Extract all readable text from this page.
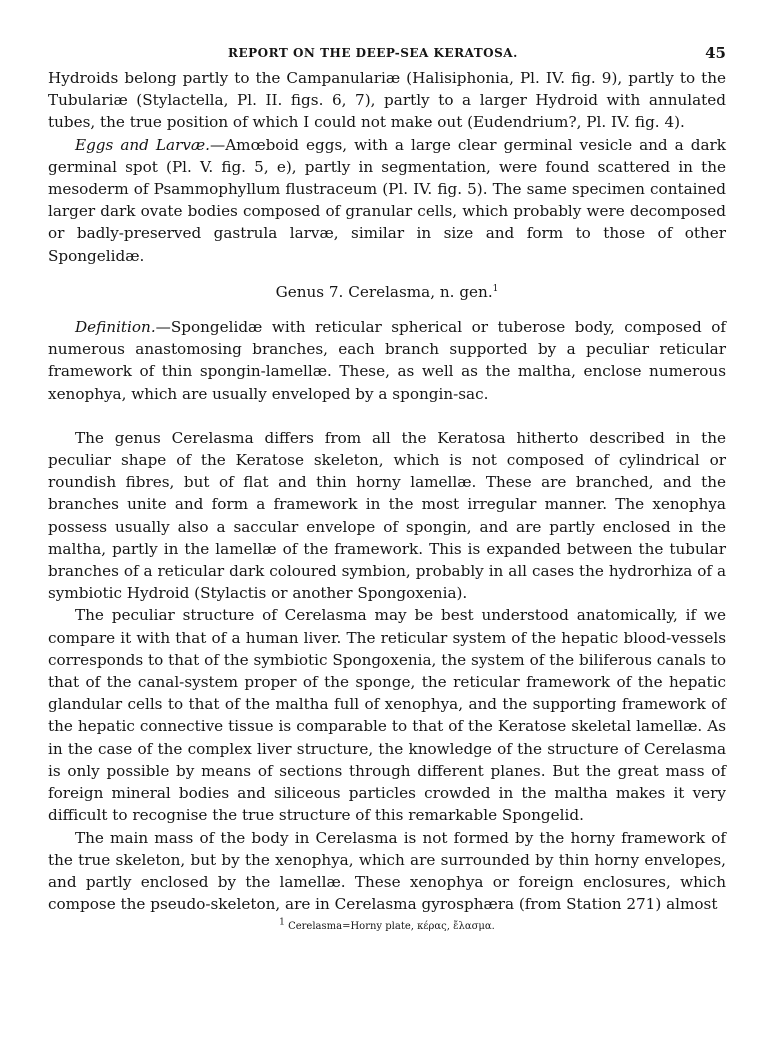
REPORT ON THE DEEP-SEA KERATOSA.	45

Hydroids belong partly to the Campanulariæ (Halisiphonia, Pl. IV. fig. 9), partly to the Tubulariæ (Stylactella, Pl. II. figs. 6, 7), partly to a larger Hydroid with annulated tubes, the true position of which I could not make out (Eudendrium?, Pl. IV. fig. 4).

Eggs and Larvæ.—Amœboid eggs, with a large clear germinal vesicle and a dark germinal spot (Pl. V. fig. 5, e), partly in segmentation, were found scattered in the mesoderm of Psammophyllum flustraceum (Pl. IV. fig. 5). The same specimen contained larger dark ovate bodies composed of granular cells, which probably were decomposed or badly-preserved gastrula larvæ, similar in size and form to those of other Spongelidæ.

Genus 7. Cerelasma, n. gen.$^1$

Definition.—Spongelidæ with reticular spherical or tuberose body, composed of numerous anastomosing branches, each branch supported by a peculiar reticular framework of thin spongin-lamellæ. These, as well as the maltha, enclose numerous xenophya, which are usually enveloped by a spongin-sac.

The genus Cerelasma differs from all the Keratosa hitherto described in the peculiar shape of the Keratose skeleton, which is not composed of cylindrical or roundish fibres, but of flat and thin horny lamellæ. These are branched, and the branches unite and form a framework in the most irregular manner. The xenophya possess usually also a saccular envelope of spongin, and are partly enclosed in the maltha, partly in the lamellæ of the framework. This is expanded between the tubular branches of a reticular dark coloured symbion, probably in all cases the hydrorhiza of a symbiotic Hydroid (Stylactis or another Spongoxenia).

The peculiar structure of Cerelasma may be best understood anatomically, if we compare it with that of a human liver. The reticular system of the hepatic blood-vessels corresponds to that of the symbiotic Spongoxenia, the system of the biliferous canals to that of the canal-system proper of the sponge, the reticular framework of the hepatic glandular cells to that of the maltha full of xenophya, and the supporting framework of the hepatic connective tissue is comparable to that of the Keratose skeletal lamellæ. As in the case of the complex liver structure, the knowledge of the structure of Cerelasma is only possible by means of sections through different planes. But the great mass of foreign mineral bodies and siliceous particles crowded in the maltha makes it very difficult to recognise the true structure of this remarkable Spongelid.

The main mass of the body in Cerelasma is not formed by the horny framework of the true skeleton, but by the xenophya, which are surrounded by thin horny envelopes, and partly enclosed by the lamellæ. These xenophya or foreign enclosures, which compose the pseudo-skeleton, are in Cerelasma gyrosphæra (from Station 271) almost

$^1$ Cerelasma=Horny plate, κέρας, ἔλασμα.
